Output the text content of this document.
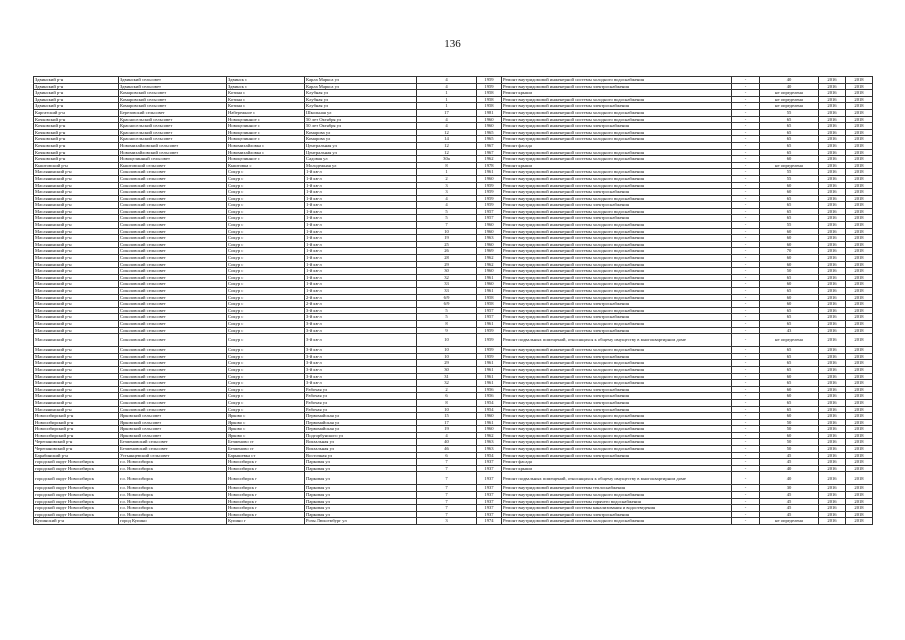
136
Здвинский р-н	Здвинский сельсовет	Здвинск с	Карла Маркса ул	4	1959	Ремонт внутридомовой инженерной системы холодного водоснабжения	-	40	2016	2018
Здвинский р-н	Здвинский сельсовет	Здвинск с	Карла Маркса ул	4	1959	Ремонт внутридомовой инженерной системы электроснабжения	-	40	2016	2018
Здвинский р-н	Комаровский сельсовет	Котина с	Клубная ул	1	1958	Ремонт крыши	-	не определена	2016	2018
Здвинский р-н	Комаровский сельсовет	Котина с	Клубная ул	1	1958	Ремонт внутридомовой инженерной системы холодного водоснабжения	-	не определена	2016	2018
Здвинский р-н	Комаровский сельсовет	Котина с	Клубная ул	1	1958	Ремонт внутридомовой инженерной системы электроснабжения	-	не определена	2016	2018
Каргатский р-н	Березовский сельсовет	Набережное с	Школьная ул	17	1981	Ремонт внутридомовой инженерной системы холодного водоснабжения	-	55	2016	2018
Кочковский р-н	Красносельский сельсовет	Новоцелинное с	50 лет Октября ул	4	1960	Ремонт внутридомовой инженерной системы холодного водоснабжения	-	65	2016	2018
Кочковский р-н	Красносельский сельсовет	Новоцелинное с	50 лет Октября ул	4	1960	Ремонт внутридомовой инженерной системы электроснабжения	-	65	2016	2018
Кочковский р-н	Красносельский сельсовет	Новоцелинное с	Комарова ул	12	1965	Ремонт внутридомовой инженерной системы холодного водоснабжения	-	65	2016	2018
Кочковский р-н	Красносельский сельсовет	Новоцелинное с	Комарова ул	14	1965	Ремонт внутридомовой инженерной системы холодного водоснабжения	-	65	2016	2018
Кочковский р-н	Новомихайловский сельсовет	Новомихайловка с	Центральная ул	12	1967	Ремонт фасада	-	65	2016	2018
Кочковский р-н	Новомихайловский сельсовет	Новомихайловка с	Центральная ул	12	1967	Ремонт внутридомовой инженерной системы холодного водоснабжения	-	65	2016	2018
Кочковский р-н	Новоцелинный сельсовет	Новоцелинное с	Садовая ул	30а	1962	Ремонт внутридомовой инженерной системы холодного водоснабжения	-	60	2016	2018
Кыштовский р-н	Кыштовский сельсовет	Кыштовка с	Молодежная ул	8	1978	Ремонт крыши	-	не определена	2016	2018
Маслянинский р-н	Соколовский сельсовет	Сокур с	1-й кв-л	1	1961	Ремонт внутридомовой инженерной системы холодного водоснабжения	-	55	2016	2018
Маслянинский р-н	Соколовский сельсовет	Сокур с	1-й кв-л	2	1960	Ремонт внутридомовой инженерной системы холодного водоснабжения	-	55	2016	2018
Маслянинский р-н	Соколовский сельсовет	Сокур с	1-й кв-л	3	1959	Ремонт внутридомовой инженерной системы холодного водоснабжения	-	60	2016	2018
Маслянинский р-н	Соколовский сельсовет	Сокур с	1-й кв-л	3	1959	Ремонт внутридомовой инженерной системы электроснабжения	-	60	2016	2018
Маслянинский р-н	Соколовский сельсовет	Сокур с	1-й кв-л	4	1959	Ремонт внутридомовой инженерной системы холодного водоснабжения	-	65	2016	2018
Маслянинский р-н	Соколовский сельсовет	Сокур с	1-й кв-л	4	1959	Ремонт внутридомовой инженерной системы электроснабжения	-	65	2016	2018
Маслянинский р-н	Соколовский сельсовет	Сокур с	1-й кв-л	5	1957	Ремонт внутридомовой инженерной системы холодного водоснабжения	-	65	2016	2018
Маслянинский р-н	Соколовский сельсовет	Сокур с	1-й кв-л	5	1957	Ремонт внутридомовой инженерной системы электроснабжения	-	65	2016	2018
Маслянинский р-н	Соколовский сельсовет	Сокур с	1-й кв-л	7	1960	Ремонт внутридомовой инженерной системы холодного водоснабжения	-	55	2016	2018
Маслянинский р-н	Соколовский сельсовет	Сокур с	1-й кв-л	10	1960	Ремонт внутридомовой инженерной системы холодного водоснабжения	-	60	2016	2018
Маслянинский р-н	Соколовский сельсовет	Сокур с	1-й кв-л	19	1963	Ремонт внутридомовой инженерной системы холодного водоснабжения	-	60	2016	2018
Маслянинский р-н	Соколовский сельсовет	Сокур с	1-й кв-л	25	1960	Ремонт внутридомовой инженерной системы холодного водоснабжения	-	60	2016	2018
Маслянинский р-н	Соколовский сельсовет	Сокур с	1-й кв-л	26	1969	Ремонт внутридомовой инженерной системы холодного водоснабжения	-	70	2016	2018
Маслянинский р-н	Соколовский сельсовет	Сокур с	1-й кв-л	28	1962	Ремонт внутридомовой инженерной системы холодного водоснабжения	-	60	2016	2018
Маслянинский р-н	Соколовский сельсовет	Сокур с	1-й кв-л	29	1962	Ремонт внутридомовой инженерной системы холодного водоснабжения	-	60	2016	2018
Маслянинский р-н	Соколовский сельсовет	Сокур с	1-й кв-л	30	1960	Ремонт внутридомовой инженерной системы холодного водоснабжения	-	50	2016	2018
Маслянинский р-н	Соколовский сельсовет	Сокур с	1-й кв-л	32	1961	Ремонт внутридомовой инженерной системы холодного водоснабжения	-	65	2016	2018
Маслянинский р-н	Соколовский сельсовет	Сокур с	1-й кв-л	33	1960	Ремонт внутридомовой инженерной системы холодного водоснабжения	-	60	2016	2018
Маслянинский р-н	Соколовский сельсовет	Сокур с	1-й кв-л	33	1961	Ремонт внутридомовой инженерной системы холодного водоснабжения	-	65	2016	2018
Маслянинский р-н	Соколовский сельсовет	Сокур с	2-й кв-л	6/9	1958	Ремонт внутридомовой инженерной системы холодного водоснабжения	-	60	2016	2018
Маслянинский р-н	Соколовский сельсовет	Сокур с	2-й кв-л	6/9	1958	Ремонт внутридомовой инженерной системы электроснабжения	-	60	2016	2018
Маслянинский р-н	Соколовский сельсовет	Сокур с	3-й кв-л	5	1957	Ремонт внутридомовой инженерной системы холодного водоснабжения	-	65	2016	2018
Маслянинский р-н	Соколовский сельсовет	Сокур с	3-й кв-л	5	1957	Ремонт внутридомовой инженерной системы электроснабжения	-	65	2016	2018
Маслянинский р-н	Соколовский сельсовет	Сокур с	3-й кв-л	8	1961	Ремонт внутридомовой инженерной системы холодного водоснабжения	-	65	2016	2018
Маслянинский р-н	Соколовский сельсовет	Сокур с	3-й кв-л	9	1959	Ремонт внутридомовой инженерной системы электроснабжения	-	43	2016	2018
Маслянинский р-н	Соколовский сельсовет	Сокур с	3-й кв-л	10	1959	Ремонт подвальных помещений, относящихся к общему имуществу в многоквартирном доме	-	не определена	2016	2018
Маслянинский р-н	Соколовский сельсовет	Сокур с	3-й кв-л	10	1959	Ремонт внутридомовой инженерной системы холодного водоснабжения	-	65	2016	2018
Маслянинский р-н	Соколовский сельсовет	Сокур с	3-й кв-л	10	1959	Ремонт внутридомовой инженерной системы электроснабжения	-	65	2016	2018
Маслянинский р-н	Соколовский сельсовет	Сокур с	3-й кв-л	29	1961	Ремонт внутридомовой инженерной системы холодного водоснабжения	-	65	2016	2018
Маслянинский р-н	Соколовский сельсовет	Сокур с	3-й кв-л	30	1961	Ремонт внутридомовой инженерной системы холодного водоснабжения	-	65	2016	2018
Маслянинский р-н	Соколовский сельсовет	Сокур с	3-й кв-л	31	1961	Ремонт внутридомовой инженерной системы холодного водоснабжения	-	60	2016	2018
Маслянинский р-н	Соколовский сельсовет	Сокур с	3-й кв-л	32	1961	Ремонт внутридомовой инженерной системы холодного водоснабжения	-	65	2016	2018
Маслянинский р-н	Соколовский сельсовет	Сокур с	Рабочая ул	2	1956	Ремонт внутридомовой инженерной системы электроснабжения	-	60	2016	2018
Маслянинский р-н	Соколовский сельсовет	Сокур с	Рабочая ул	6	1956	Ремонт внутридомовой инженерной системы электроснабжения	-	60	2016	2018
Маслянинский р-н	Соколовский сельсовет	Сокур с	Рабочая ул	8	1954	Ремонт внутридомовой инженерной системы электроснабжения	-	65	2016	2018
Маслянинский р-н	Соколовский сельсовет	Сокур с	Рабочая ул	10	1954	Ремонт внутридомовой инженерной системы электроснабжения	-	65	2016	2018
Новосибирский р-н	Ярковский сельсовет	Ярково с	Первомайская ул	15	1960	Ремонт внутридомовой инженерной системы холодного водоснабжения	-	60	2016	2018
Новосибирский р-н	Ярковский сельсовет	Ярково с	Первомайская ул	17	1961	Ремонт внутридомовой инженерной системы холодного водоснабжения	-	50	2016	2018
Новосибирский р-н	Ярковский сельсовет	Ярково с	Первомайская ул	19	1960	Ремонт внутридомовой инженерной системы холодного водоснабжения	-	50	2016	2018
Новосибирский р-н	Ярковский сельсовет	Ярково с	Подгорбунского ул	4	1962	Ремонт внутридомовой инженерной системы холодного водоснабжения	-	60	2016	2018
Черепановский р-н	Безменовский сельсовет	Безменово ст	Вокзальная ул	40	1963	Ремонт внутридомовой инженерной системы холодного водоснабжения	-	50	2016	2018
Черепановский р-н	Безменовский сельсовет	Безменово ст	Вокзальная ул	46	1963	Ремонт внутридомовой инженерной системы холодного водоснабжения	-	50	2016	2018
Барабинский р-н	Устьянцевский сельсовет	Барышевка ст	Восточная ул	6	1954	Ремонт внутридомовой инженерной системы электроснабжения	-	45	2016	2018
городской округ Новосибирск	г.о. Новосибирск	Новосибирск г	Парковая ул	7	1937	Ремонт фасада	-	45	2016	2018
городской округ Новосибирск	г.о. Новосибирск	Новосибирск г	Парковая ул	7	1937	Ремонт крыши	-	40	2016	2018
городской округ Новосибирск	г.о. Новосибирск	Новосибирск г	Парковая ул	7	1937	Ремонт подвальных помещений, относящихся к общему имуществу в многоквартирном доме	-	40	2016	2018
городской округ Новосибирск	г.о. Новосибирск	Новосибирск г	Парковая ул	7	1937	Ремонт внутридомовой инженерной системы теплоснабжения	-	30	2016	2018
городской округ Новосибирск	г.о. Новосибирск	Новосибирск г	Парковая ул	7	1937	Ремонт внутридомовой инженерной системы холодного водоснабжения	-	45	2016	2018
городской округ Новосибирск	г.о. Новосибирск	Новосибирск г	Парковая ул	7	1937	Ремонт внутридомовой инженерной системы горячего водоснабжения	-	45	2016	2018
городской округ Новосибирск	г.о. Новосибирск	Новосибирск г	Парковая ул	7	1937	Ремонт внутридомовой инженерной системы канализования и водоотведения	-	45	2016	2018
городской округ Новосибирск	г.о. Новосибирск	Новосибирск г	Парковая ул	7	1937	Ремонт внутридомовой инженерной системы электроснабжения	-	45	2016	2018
Купинский р-н	город Купино	Купино г	Розы Люксембург ул	3	1974	Ремонт внутридомовой инженерной системы холодного водоснабжения	-	не определена	2016	2018
